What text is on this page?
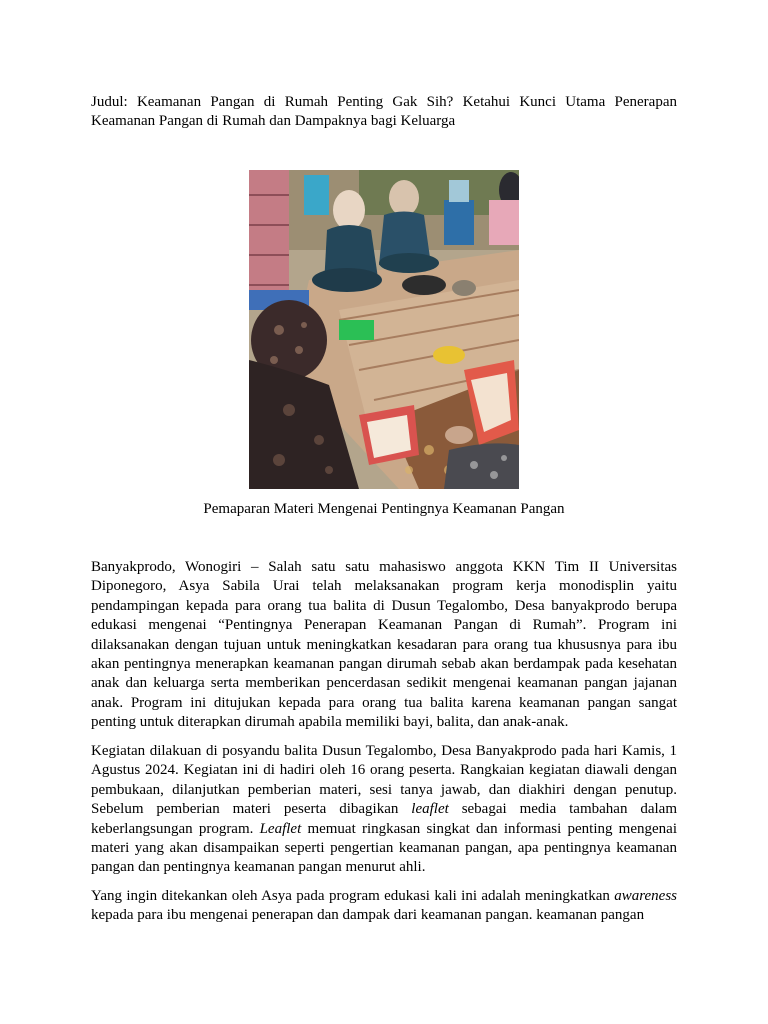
Judul: Keamanan Pangan di Rumah Penting Gak Sih? Ketahui Kunci Utama Penerapan Keamanan Pangan di Rumah dan Dampaknya bagi Keluarga

Pemaparan Materi Mengenai Pentingnya Keamanan Pangan

Banyakprodo, Wonogiri – Salah satu satu mahasiswo anggota KKN Tim II Universitas Diponegoro, Asya Sabila Urai telah melaksanakan program kerja monodisplin yaitu pendampingan kepada para orang tua balita di Dusun Tegalombo, Desa banyakprodo berupa edukasi mengenai “Pentingnya Penerapan Keamanan Pangan di Rumah”. Program ini dilaksanakan dengan tujuan untuk meningkatkan kesadaran para orang tua khususnya para ibu akan pentingnya menerapkan keamanan pangan dirumah sebab akan berdampak pada kesehatan anak dan keluarga serta memberikan pencerdasan sedikit mengenai keamanan pangan jajanan anak. Program ini ditujukan kepada para orang tua balita karena keamanan pangan sangat penting untuk diterapkan dirumah apabila memiliki bayi, balita, dan anak-anak.

Kegiatan dilakuan di posyandu balita Dusun Tegalombo, Desa Banyakprodo pada hari Kamis, 1 Agustus 2024. Kegiatan ini di hadiri oleh 16 orang peserta. Rangkaian kegiatan diawali dengan pembukaan, dilanjutkan pemberian materi, sesi tanya jawab, dan diakhiri dengan penutup. Sebelum pemberian materi peserta dibagikan leaflet sebagai media tambahan dalam keberlangsungan program. Leaflet memuat ringkasan singkat dan informasi penting mengenai materi yang akan disampaikan seperti pengertian keamanan pangan, apa pentingnya keamanan pangan dan pentingnya keamanan pangan menurut ahli.

Yang ingin ditekankan oleh Asya pada program edukasi kali ini adalah meningkatkan awareness kepada para ibu mengenai penerapan dan dampak dari keamanan pangan. keamanan pangan
